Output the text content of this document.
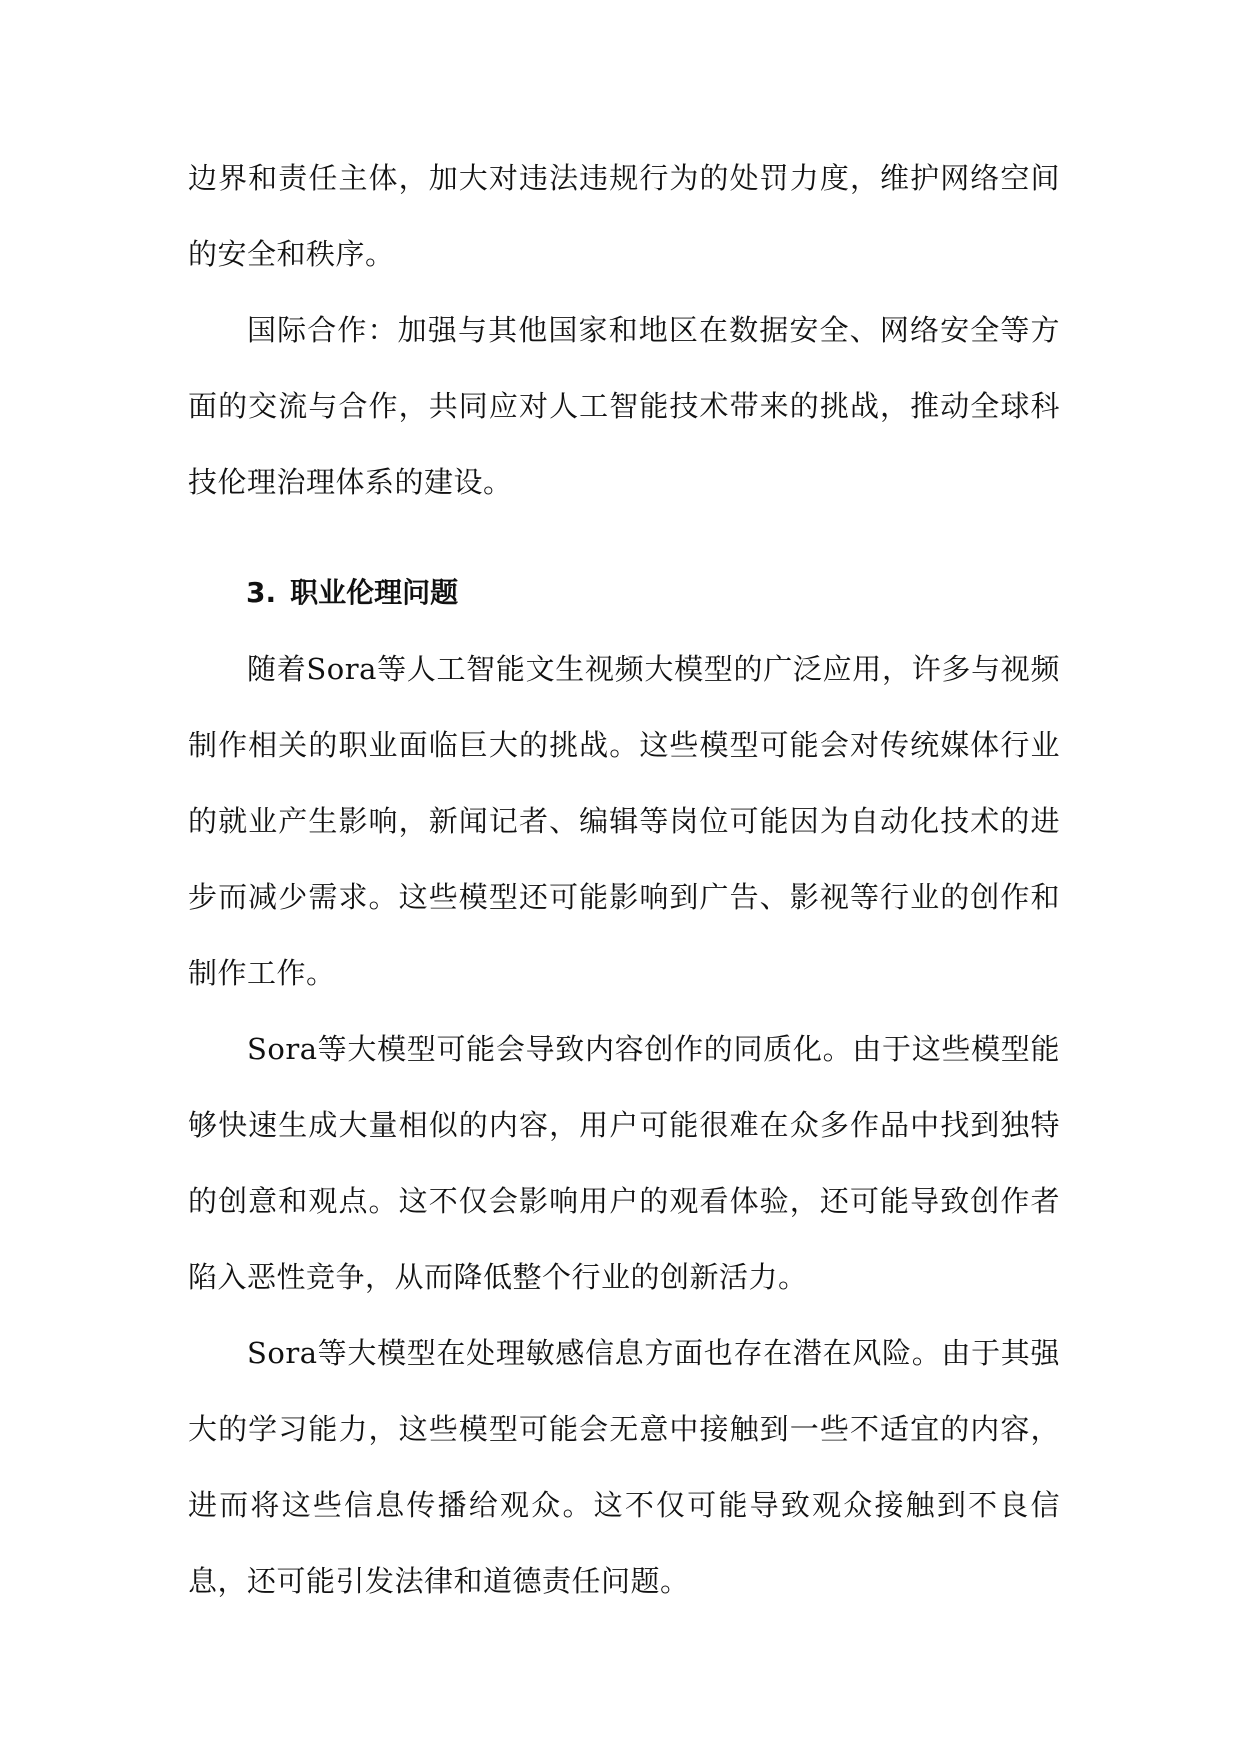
边界和责任主体，加大对违法违规行为的处罚力度，维护网络空间的安全和秩序。

国际合作：加强与其他国家和地区在数据安全、网络安全等方面的交流与合作，共同应对人工智能技术带来的挑战，推动全球科技伦理治理体系的建设。

3. 职业伦理问题

随着Sora等人工智能文生视频大模型的广泛应用，许多与视频制作相关的职业面临巨大的挑战。这些模型可能会对传统媒体行业的就业产生影响，新闻记者、编辑等岗位可能因为自动化技术的进步而减少需求。这些模型还可能影响到广告、影视等行业的创作和制作工作。

Sora等大模型可能会导致内容创作的同质化。由于这些模型能够快速生成大量相似的内容，用户可能很难在众多作品中找到独特的创意和观点。这不仅会影响用户的观看体验，还可能导致创作者陷入恶性竞争，从而降低整个行业的创新活力。

Sora等大模型在处理敏感信息方面也存在潜在风险。由于其强大的学习能力，这些模型可能会无意中接触到一些不适宜的内容，进而将这些信息传播给观众。这不仅可能导致观众接触到不良信息，还可能引发法律和道德责任问题。
